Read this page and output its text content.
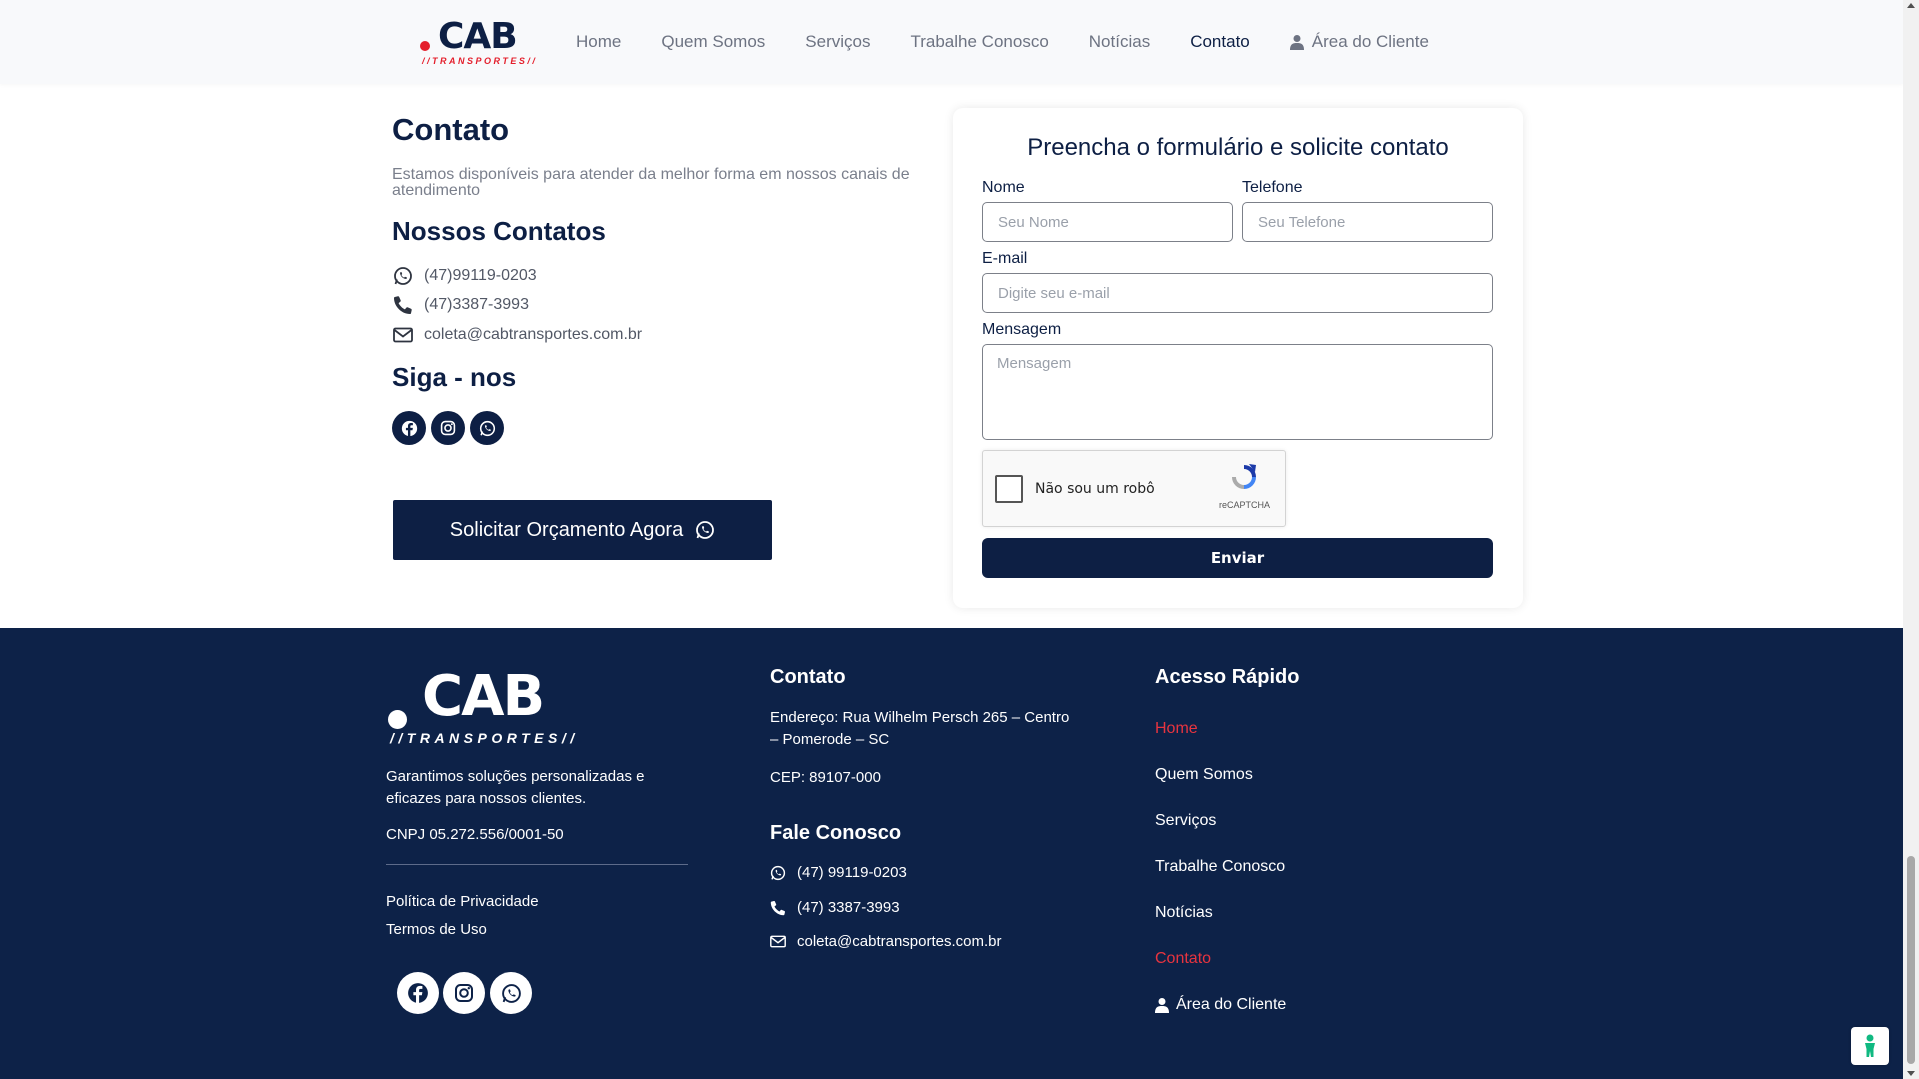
CAB
//TRANSPORTES//
Home Quem Somos Serviços Trabalhe Conosco Notícias Contato	Área do Cliente
Contato

Estamos disponíveis para atender da melhor forma em nossos canais de atendimento

Nossos Contatos
(47)99119-0203
(47)3387-3993
coleta@cabtransportes.com.br
Siga - nos
Solicitar Orçamento Agora
Preencha o formulário e solicite contato
Nome
Seu Nome	Telefone
Seu Telefone
E-mail
Digite seu e-mail
Mensagem
Mensagem
Não sou um robô
reCAPTCHA
Enviar
CAB
//TRANSPORTES//

Garantimos soluções personalizadas e eficazes para nossos clientes.

CNPJ 05.272.556/0001-50

Política de Privacidade
Termos de Uso
Contato

Endereço: Rua Wilhelm Persch 265 – Centro – Pomerode – SC

CEP: 89107-000

Fale Conosco
(47) 99119-0203
(47) 3387-3993
coleta@cabtransportes.com.br
Acesso Rápido
Home
Quem Somos
Serviços
Trabalhe Conosco
Notícias
Contato
Área do Cliente
